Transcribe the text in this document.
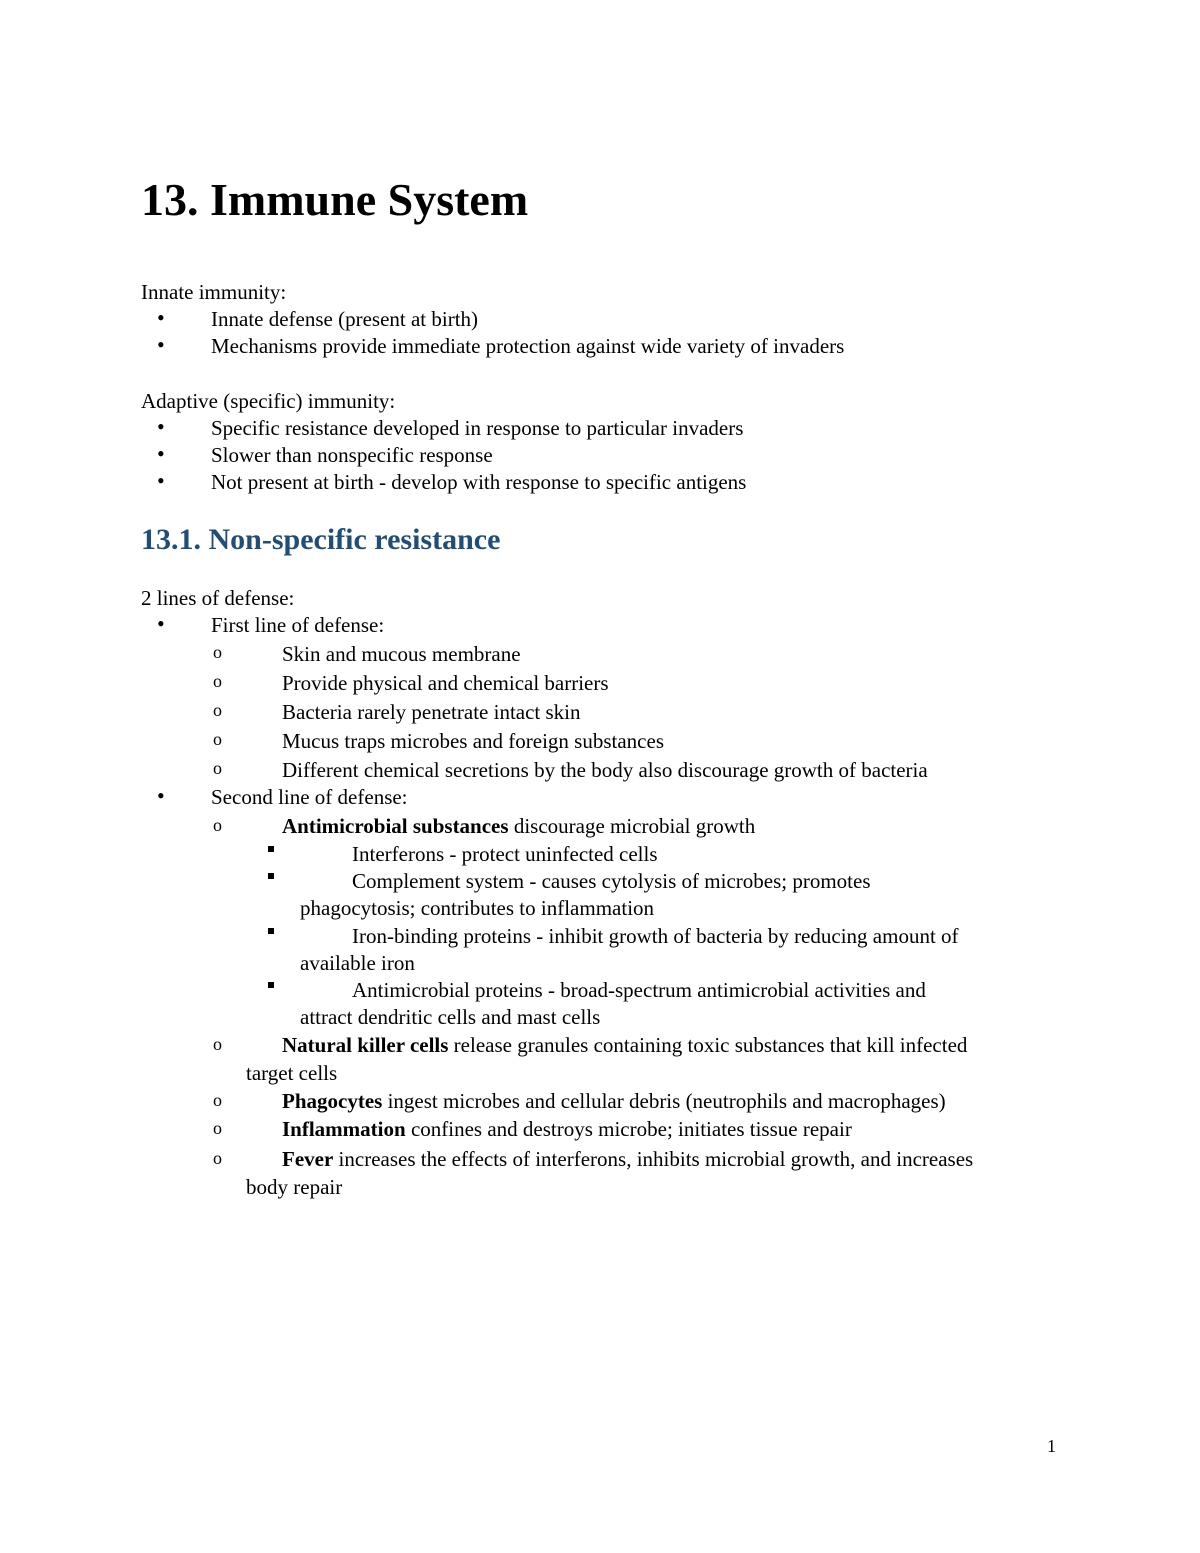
13. Immune System
Innate immunity:
• Innate defense (present at birth)
• Mechanisms provide immediate protection against wide variety of invaders
Adaptive (specific) immunity:
• Specific resistance developed in response to particular invaders
• Slower than nonspecific response
• Not present at birth - develop with response to specific antigens
13.1. Non-specific resistance
2 lines of defense:
• First line of defense:
o	Skin and mucous membrane
o	Provide physical and chemical barriers
o	Bacteria rarely penetrate intact skin
o	Mucus traps microbes and foreign substances
o	Different chemical secretions by the body also discourage growth of bacteria
• Second line of defense:
o	Antimicrobial substances discourage microbial growth
Interferons - protect uninfected cells
Complement system - causes cytolysis of microbes; promotes
phagocytosis; contributes to inflammation
Iron-binding proteins - inhibit growth of bacteria by reducing amount of
available iron
Antimicrobial proteins - broad-spectrum antimicrobial activities and
attract dendritic cells and mast cells
o	Natural killer cells release granules containing toxic substances that kill infected
target cells
o	Phagocytes ingest microbes and cellular debris (neutrophils and macrophages)
o	Inflammation confines and destroys microbe; initiates tissue repair
o	Fever increases the effects of interferons, inhibits microbial growth, and increases
body repair
1
